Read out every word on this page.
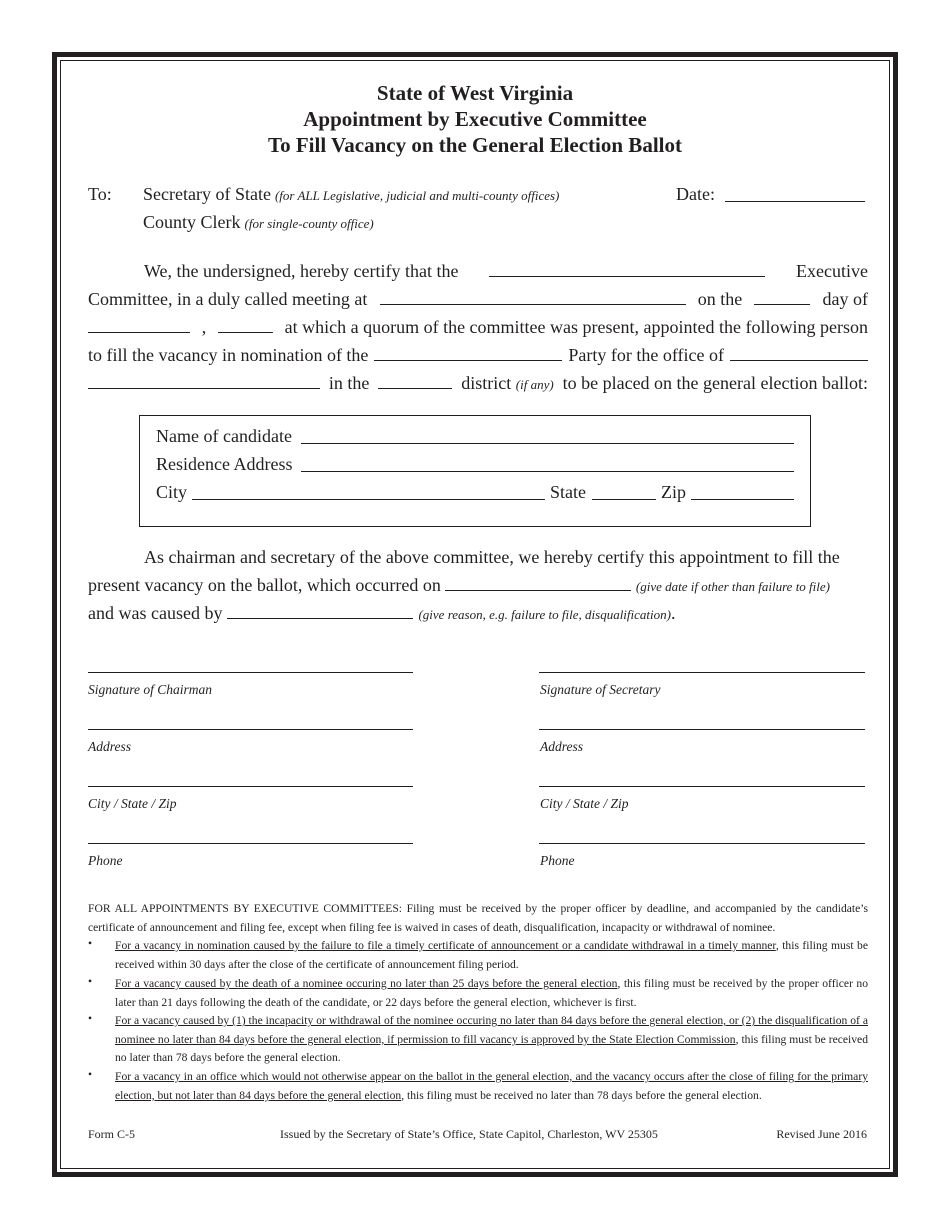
State of West Virginia
Appointment by Executive Committee
To Fill Vacancy on the General Election Ballot
To: Secretary of State (for ALL Legislative, judicial and multi-county offices)	Date:
County Clerk (for single-county office)
We, the undersigned, hereby certify that the	Executive
Committee, in a duly called meeting at	on the	day of
,	at which a quorum of the committee was present, appointed the following person
to fill the vacancy in nomination of the	Party for the office of
in the	district (if any) to be placed on the general election ballot:
Name of candidate
Residence Address
City	State	Zip
As chairman and secretary of the above committee, we hereby certify this appointment to fill the
present vacancy on the ballot, which occurred on	(give date if other than failure to file)
and was caused by	(give reason, e.g. failure to file, disqualification) .
Signature of Chairman
Address
City / State / Zip
Phone
Signature of Secretary
Address
City / State / Zip
Phone
FOR ALL APPOINTMENTS BY EXECUTIVE COMMITTEES: Filing must be received by the proper officer by deadline, and accompanied by the candidate’s certificate of announcement and filing fee, except when filing fee is waived in cases of death, disqualification, incapacity or withdrawal of nominee.
• For a vacancy in nomination caused by the failure to file a timely certificate of announcement or a candidate withdrawal in a timely manner, this filing must be received within 30 days after the close of the certificate of announcement filing period.
• For a vacancy caused by the death of a nominee occuring no later than 25 days before the general election, this filing must be received by the proper officer no later than 21 days following the death of the candidate, or 22 days before the general election, whichever is first.
• For a vacancy caused by (1) the incapacity or withdrawal of the nominee occuring no later than 84 days before the general election, or (2) the disqualification of a nominee no later than 84 days before the general election, if permission to fill vacancy is approved by the State Election Commission, this filing must be received no later than 78 days before the general election.
• For a vacancy in an office which would not otherwise appear on the ballot in the general election, and the vacancy occurs after the close of filing for the primary election, but not later than 84 days before the general election, this filing must be received no later than 78 days before the general election.
Form C-5	Issued by the Secretary of State’s Office, State Capitol, Charleston, WV 25305	Revised June 2016
